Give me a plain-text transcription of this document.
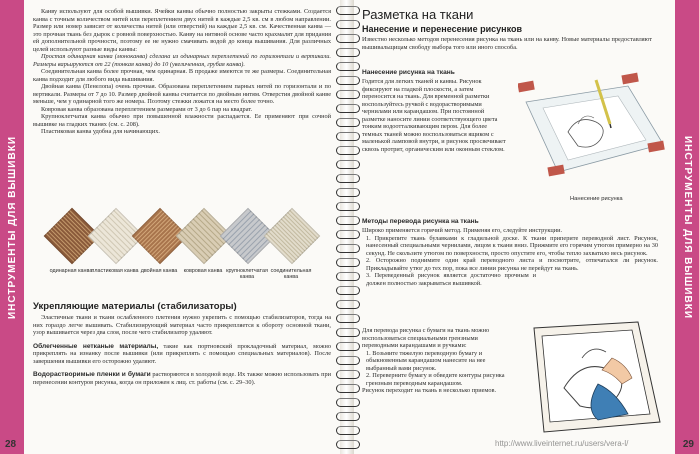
ИНСТРУМЕНТЫ ДЛЯ ВЫШИВКИ

Канву используют для особой вышивки. Ячейки канвы обычно полностью закрыты стежками. Создается канва с точным количеством нитей или переплетением двух нитей в каждые 2,5 кв. см в любом направлении. Размер или номер зависит от количества нитей (или отверстий) на каждые 2,5 кв. см. Качественная канва — это прочная ткань без дырок с ровной поверхностью. Канву на нитяной основе часто крахмалят для придания ей дополнительной прочности, поэтому ее не нужно смачивать водой до конца вышивания. Для различных целей используют разные виды канвы:

Простая одинарная канва (моноканва) сделана из одинарных переплетений по горизонтали и вертикали. Размеры варьируются от 22 (тонкая канва) до 10 (увеличенная, грубая канва).

Соединительная канва более прочная, чем одинарная. В продаже имеются те же размеры. Соединительная канва подходит для любого вида вышивания.

Двойная канва (Пенелопа) очень прочная. Образована переплетением парных нитей по горизонтали и по вертикали. Размеры от 7 до 10. Размер двойной канвы считается по двойным нитям. Отверстия двойной канве меньше, чем у одинарной того же номера. Поэтому стежки ложатся на место более точно.

Ковровая канва образована переплетением размерами от 3 до 6 пар на квадрат.

Крупноклетчатая канва обычно при повышенной влажности распадается. Ее применяют при сочной вышивке на гладких тканях (см. с. 208).

Пластиковая канва удобна для начинающих.

одинарная канва пластиковая канва двойная канва	ковровая канва крупноклетчатая канва
соединительная канва
Укрепляющие материалы (стабилизаторы)

Эластичные ткани и ткани ослабленного плетения нужно укрепить с помощью стабилизаторов, тогда на них гораздо легче вышивать. Стабилизирующий материал часто прикрепляется к обороту основной ткани, узор вышивается через два слоя, после чего стабилизатор удаляют.

Облегченные нетканые материалы, такие как портновский прокладочный материал, можно прикреплять на изнанку после вышивки (или прикреплять с помощью специальных материалов). После завершения вышивки его осторожно удаляют.

Водорастворимые пленки и бумаги растворяются в холодной воде. Их также можно использовать при перенесении контуров рисунка, когда он приложен к лиц. ст. работы (см. с. 29–30).

28
Разметка на ткани
Нанесение и перенесение рисунков
Известно несколько методов перенесения рисунка на ткань или на канву. Новые материалы предоставляют вышивальщицам свободу выбора того или иного способа.
Нанесение рисунка на ткань
Годится для легких тканей и канвы. Рисунок фиксируют на гладкой плоскости, а затем переносится на ткань. Для временной разметки воспользуйтесь ручкой с водорастворимыми чернилами или карандашом. При постоянной разметке наносите линии соответствующего цвета тонким водоотталкивающим пером. Для более темных тканей можно воспользоваться ящиком с маленькой ламповой внутри, и рисунок просвечивает сквозь протрит, органическим или оконным стеклом.
Нанесение рисунка
Методы перевода рисунка на ткань
Широко применяется горячий метод. Применяя его, следуйте инструкции.
1. Прикрепите ткань булавками к гладильной доске. К ткани приперите переводной лист. Рисунок, нанесенный специальными чернилами, лицом к ткани вниз. Прижмите его горячим утюгом примерно на 30 секунд. Не скользите утюгом по поверхности, просто опустите его, чтобы тепло захватило весь рисунок.
2. Осторожно поднимите один край переводного листа и посмотрите, отпечатался ли рисунок. Прикладывайте утюг до тех пор, пока все линии рисунка не перейдут на ткань.
3. Переведенный рисунок является достаточно прочным и должен полностью закрываться вышивкой.
Для перевода рисунка с бумаги на ткань можно воспользоваться специальными грензными переводными карандашами и ручками:
1. Возьмите тяжелую переводную бумагу и обыкновенным карандашом нанесите на нее выбранный вами рисунок.
2. Переверните бумагу и обведите контуры рисунка грензным переводным карандашом.
Рисунок переходит на ткань в несколько приемов.
ИНСТРУМЕНТЫ ДЛЯ ВЫШИВКИ
29
http://www.liveinternet.ru/users/vera-l/
